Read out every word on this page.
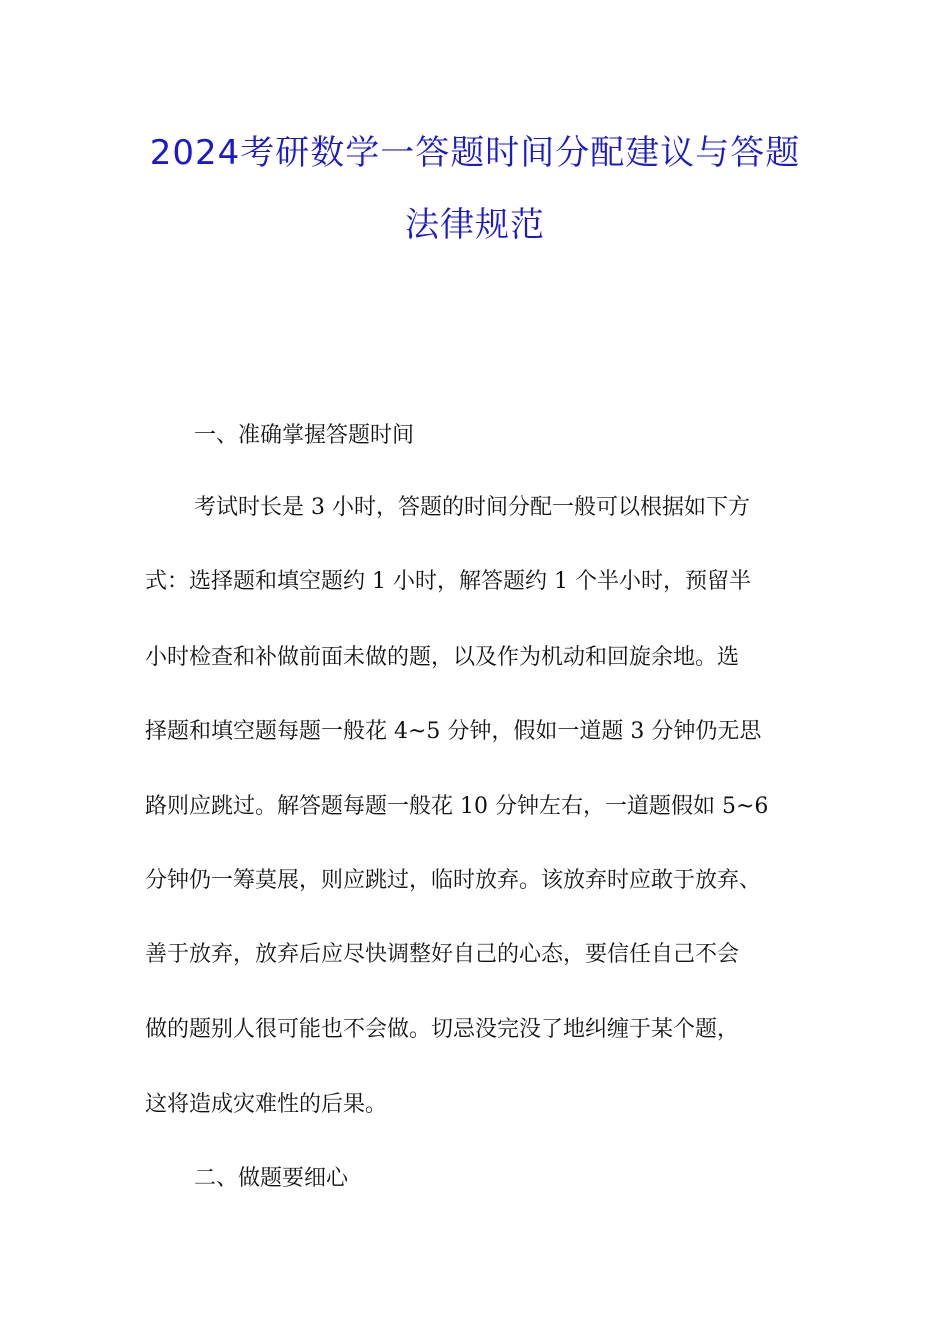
2024考研数学一答题时间分配建议与答题
法律规范

一、准确掌握答题时间

考试时长是 3 小时，答题的时间分配一般可以根据如下方

式：选择题和填空题约 1 小时，解答题约 1 个半小时，预留半

小时检查和补做前面未做的题，以及作为机动和回旋余地。选

择题和填空题每题一般花 4~5 分钟，假如一道题 3 分钟仍无思

路则应跳过。解答题每题一般花 10 分钟左右，一道题假如 5~6

分钟仍一筹莫展，则应跳过，临时放弃。该放弃时应敢于放弃、

善于放弃，放弃后应尽快调整好自己的心态，要信任自己不会

做的题别人很可能也不会做。切忌没完没了地纠缠于某个题，

这将造成灾难性的后果。

二、做题要细心
